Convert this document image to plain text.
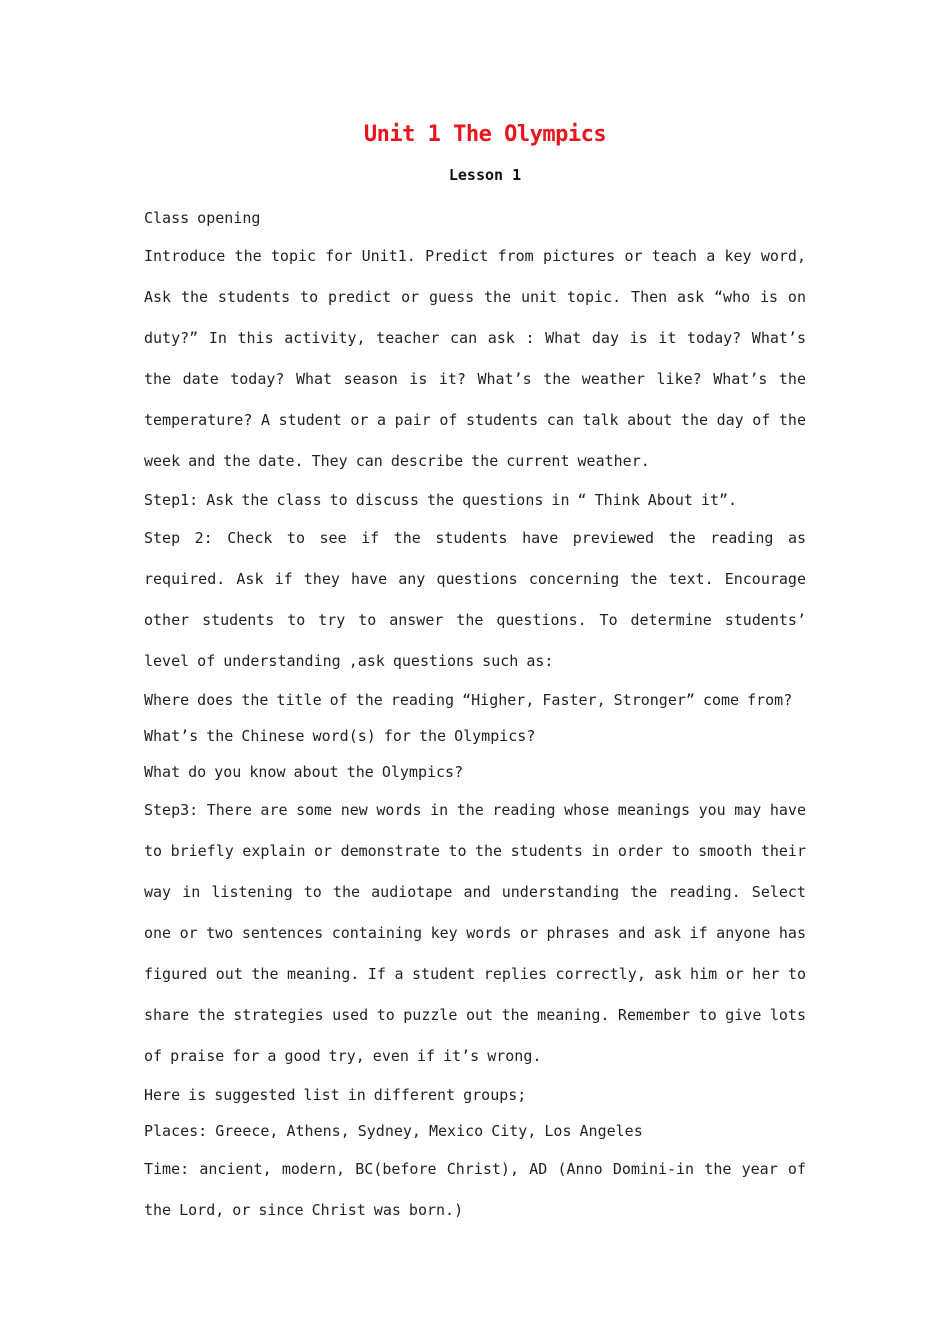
Unit 1 The Olympics
Lesson 1

Class opening

Introduce the topic for Unit1. Predict from pictures or teach a key word, Ask the students to predict or guess the unit topic. Then ask “who is on duty?” In this activity, teacher can ask : What day is it today? What’s the date today? What season is it? What’s the weather like? What’s the temperature? A student or a pair of students can talk about the day of the week and the date. They can describe the current weather.

Step1: Ask the class to discuss the questions in “ Think About it”.

Step 2: Check to see if the students have previewed the reading as required. Ask if they have any questions concerning the text. Encourage other students to try to answer the questions. To determine students’ level of understanding ,ask questions such as:

Where does the title of the reading “Higher, Faster, Stronger” come from?

What’s the Chinese word(s) for the Olympics?

What do you know about the Olympics?

Step3: There are some new words in the reading whose meanings you may have to briefly explain or demonstrate to the students in order to smooth their way in listening to the audiotape and understanding the reading. Select one or two sentences containing key words or phrases and ask if anyone has figured out the meaning. If a student replies correctly, ask him or her to share the strategies used to puzzle out the meaning. Remember to give lots of praise for a good try, even if it’s wrong.

Here is suggested list in different groups;

Places: Greece, Athens, Sydney, Mexico City, Los Angeles

Time: ancient, modern, BC(before Christ), AD (Anno Domini-in the year of the Lord, or since Christ was born.)
